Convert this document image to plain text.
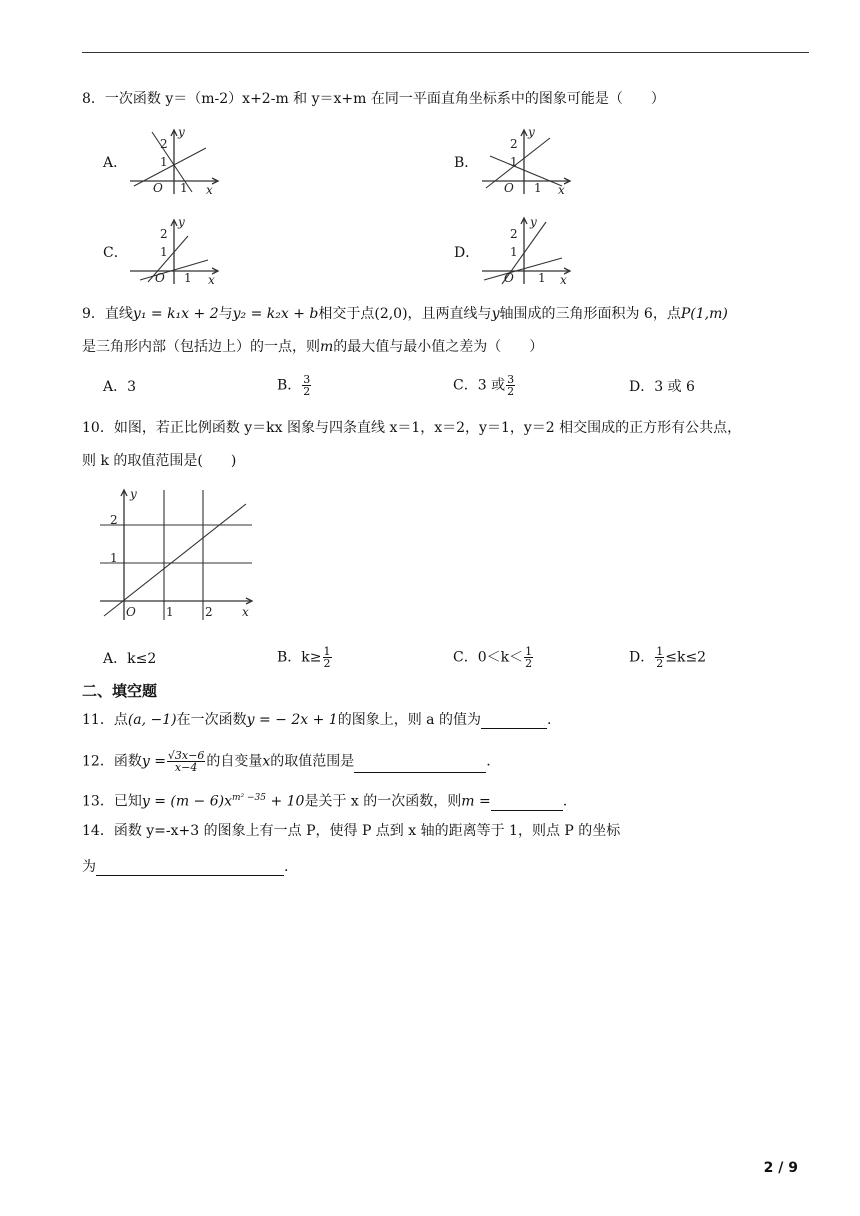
8．一次函数 y＝（m-2）x+2-m 和 y＝x+m 在同一平面直角坐标系中的图象可能是（　　）
A．
y
2
1
O 1 x
B．
y
2
1
O 1 x
C．
y
2
1
O 1 x
D．
y
2
1
O 1 x
9．直线y₁ = k₁x + 2与y₂ = k₂x + b相交于点(2,0)，且两直线与y轴围成的三角形面积为 6，点P(1,m)
是三角形内部（包括边上）的一点，则m的最大值与最小值之差为（　　）
A．3	B． $\frac{3}{2}$	C．3 或 $\frac{3}{2}$	D．3 或 6
10．如图，若正比例函数 y＝kx 图象与四条直线 x＝1，x＝2，y＝1，y＝2 相交围成的正方形有公共点，
则 k 的取值范围是(　　)
y
2
1
O	1	2 x
A．k≤2	B．$k\ge \frac{1}{2}$	C．$0<k< \frac{1}{2}$	D． $\frac{1}{2} \le k\le 2$
二、填空题
11．点(a, −1)在一次函数y = − 2x + 1的图象上，则 a 的值为	.
12．函数$y = \frac{√3x-6}{x-4}$ 的自变量x的取值范围是	.
13．已知$y = (m - 6)x^{m^2 -35} + 10$是关于 x 的一次函数，则m =	.
14．函数 y=-x+3 的图象上有一点 P，使得 P 点到 x 轴的距离等于 1，则点 P 的坐标
为	.
2 / 9
